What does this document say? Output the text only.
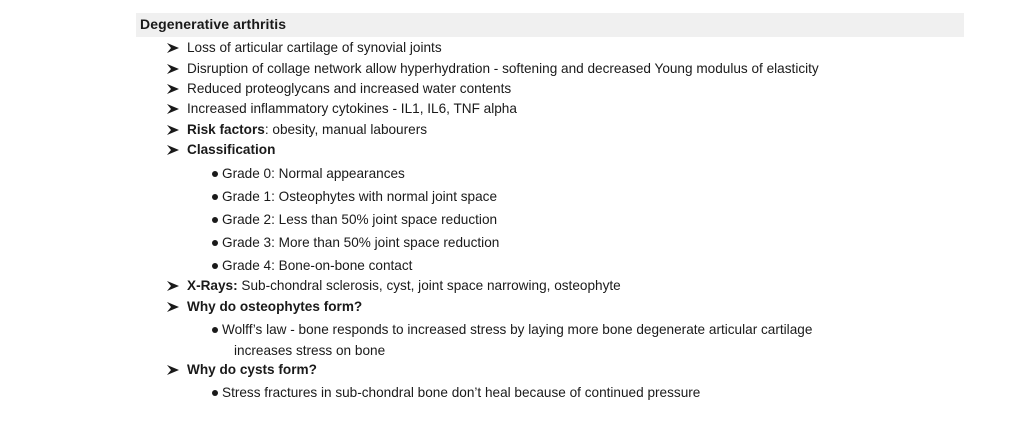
Degenerative arthritis
Loss of articular cartilage of synovial joints
Disruption of collage network allow hyperhydration - softening and decreased Young modulus of elasticity
Reduced proteoglycans and increased water contents
Increased inflammatory cytokines - IL1, IL6, TNF alpha
Risk factors: obesity, manual labourers
Classification
Grade 0: Normal appearances
Grade 1: Osteophytes with normal joint space
Grade 2: Less than 50% joint space reduction
Grade 3: More than 50% joint space reduction
Grade 4: Bone-on-bone contact
X-Rays: Sub-chondral sclerosis, cyst, joint space narrowing, osteophyte
Why do osteophytes form?
Wolff’s law - bone responds to increased stress by laying more bone degenerate articular cartilage
increases stress on bone
Why do cysts form?
Stress fractures in sub-chondral bone don’t heal because of continued pressure
